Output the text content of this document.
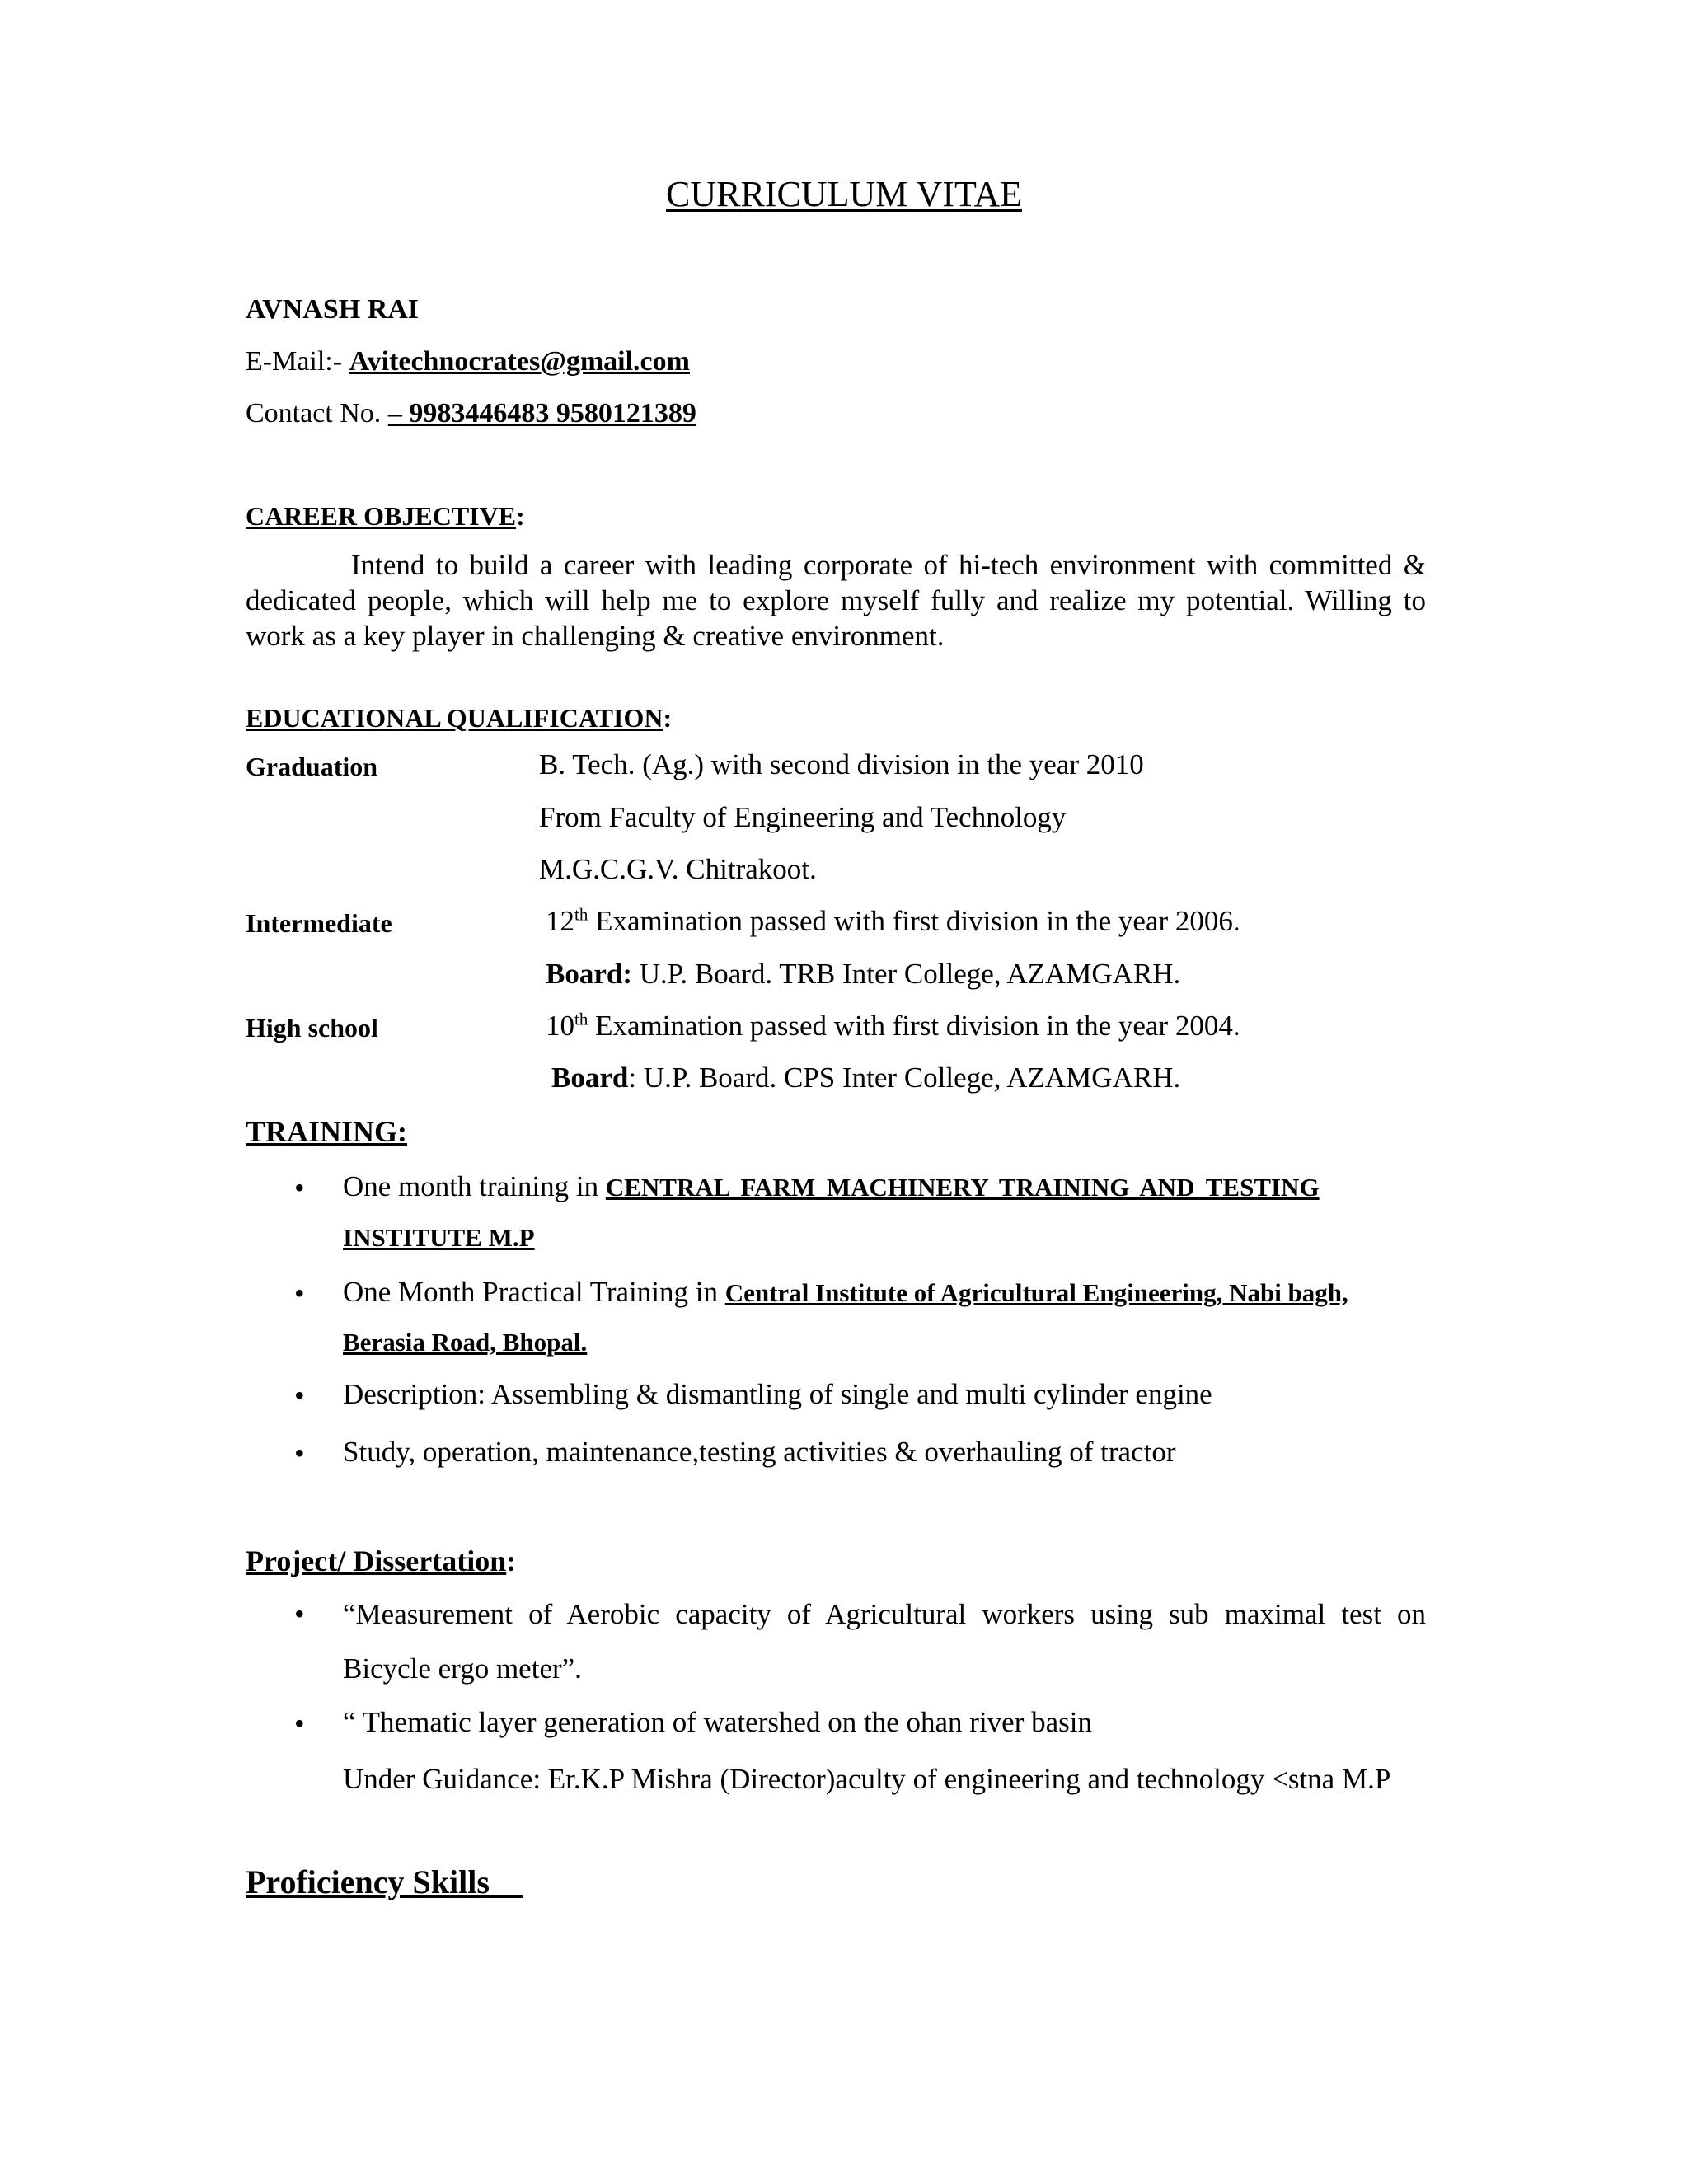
CURRICULUM VITAE
AVNASH RAI
E-Mail:- Avitechnocrates@gmail.com
Contact No. – 9983446483 9580121389
CAREER OBJECTIVE:
Intend to build a career with leading corporate of hi-tech environment with committed & dedicated people, which will help me to explore myself fully and realize my potential. Willing to work as a key player in challenging & creative environment.
EDUCATIONAL QUALIFICATION:
Graduation	B. Tech. (Ag.) with second division in the year 2010
From Faculty of Engineering and Technology
M.G.C.G.V. Chitrakoot.
Intermediate	12th Examination passed with first division in the year 2006.
Board: U.P. Board. TRB Inter College, AZAMGARH.
High school	10th Examination passed with first division in the year 2004.
Board: U.P. Board. CPS Inter College, AZAMGARH.
TRAINING:
• One month training in CENTRAL FARM MACHINERY TRAINING AND TESTING
INSTITUTE M.P
• One Month Practical Training in Central Institute of Agricultural Engineering, Nabi bagh,
Berasia Road, Bhopal.
• Description: Assembling & dismantling of single and multi cylinder engine
• Study, operation, maintenance,testing activities & overhauling of tractor
Project/ Dissertation:
• “Measurement of Aerobic capacity of Agricultural workers using sub maximal test on Bicycle ergo meter”.
• “ Thematic layer generation of watershed on the ohan river basin
Under Guidance: Er.K.P Mishra (Director)aculty of engineering and technology <stna M.P
Proficiency Skills
